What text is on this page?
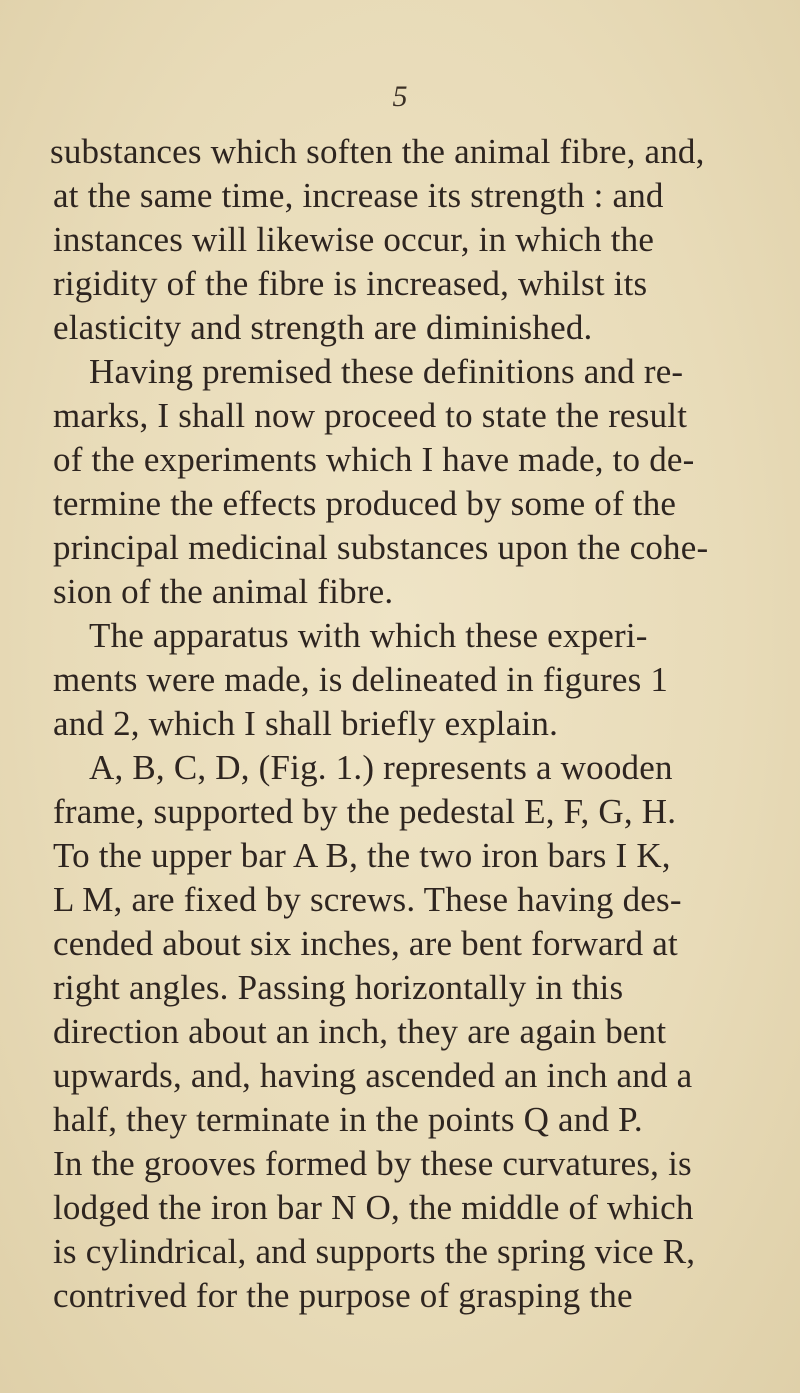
5
substances which soften the animal fibre, and,
at the same time, increase its strength : and
instances will likewise occur, in which the
rigidity of the fibre is increased, whilst its
elasticity and strength are diminished.
Having premised these definitions and re-
marks, I shall now proceed to state the result
of the experiments which I have made, to de-
termine the effects produced by some of the
principal medicinal substances upon the cohe-
sion of the animal fibre.
The apparatus with which these experi-
ments were made, is delineated in figures 1
and 2, which I shall briefly explain.
A, B, C, D, (Fig. 1.) represents a wooden
frame, supported by the pedestal E, F, G, H.
To the upper bar A B, the two iron bars I K,
L M, are fixed by screws. These having des-
cended about six inches, are bent forward at
right angles. Passing horizontally in this
direction about an inch, they are again bent
upwards, and, having ascended an inch and a
half, they terminate in the points Q and P.
In the grooves formed by these curvatures, is
lodged the iron bar N O, the middle of which
is cylindrical, and supports the spring vice R,
contrived for the purpose of grasping the
